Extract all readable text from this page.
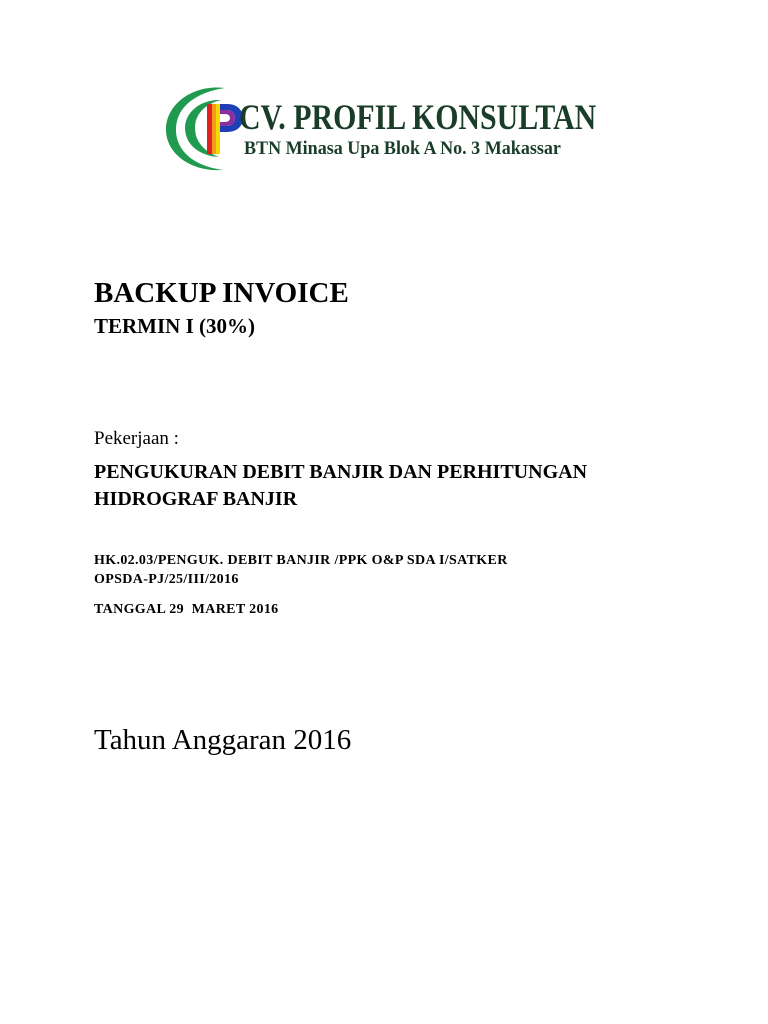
CV. PROFIL KONSULTAN
BTN Minasa Upa Blok A No. 3 Makassar
BACKUP INVOICE
TERMIN I (30%)
Pekerjaan :
PENGUKURAN DEBIT BANJIR DAN PERHITUNGAN
HIDROGRAF BANJIR
HK.02.03/PENGUK. DEBIT BANJIR /PPK O&P SDA I/SATKER
OPSDA-PJ/25/III/2016
TANGGAL 29  MARET 2016
Tahun Anggaran 2016
